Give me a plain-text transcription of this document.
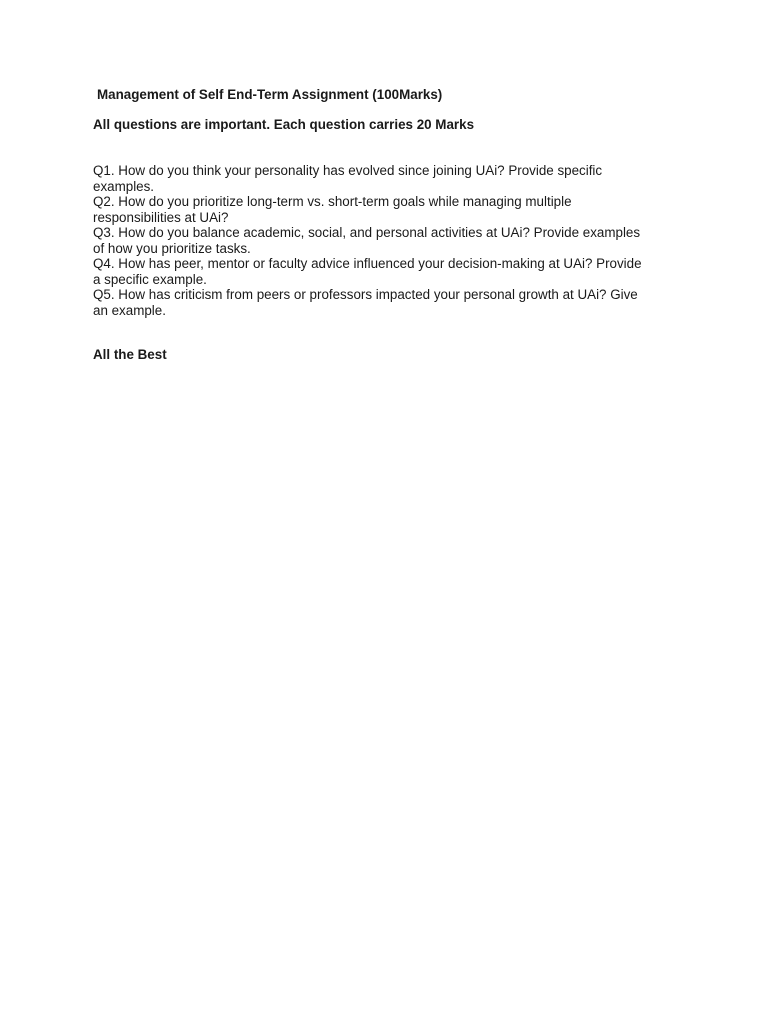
Management of Self End-Term Assignment (100Marks)
All questions are important. Each question carries 20 Marks
Q1. How do you think your personality has evolved since joining UAi? Provide specific
examples.
Q2. How do you prioritize long-term vs. short-term goals while managing multiple
responsibilities at UAi?
Q3. How do you balance academic, social, and personal activities at UAi? Provide examples
of how you prioritize tasks.
Q4. How has peer, mentor or faculty advice influenced your decision-making at UAi? Provide
a specific example.
Q5. How has criticism from peers or professors impacted your personal growth at UAi? Give
an example.
All the Best
